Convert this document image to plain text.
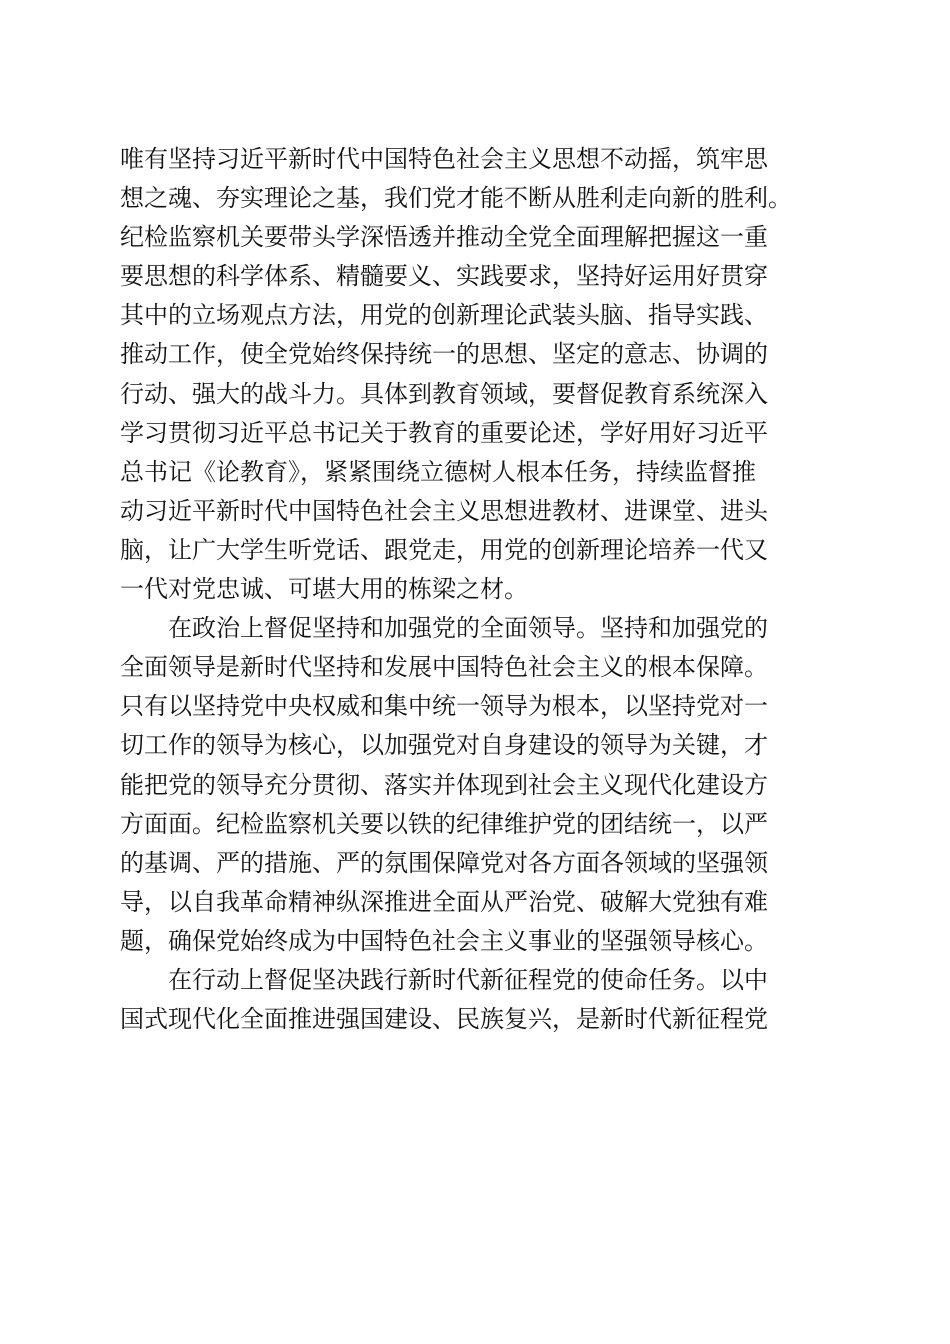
唯有坚持习近平新时代中国特色社会主义思想不动摇，筑牢思
想之魂、夯实理论之基，我们党才能不断从胜利走向新的胜利。
纪检监察机关要带头学深悟透并推动全党全面理解把握这一重
要思想的科学体系、精髓要义、实践要求，坚持好运用好贯穿
其中的立场观点方法，用党的创新理论武装头脑、指导实践、
推动工作，使全党始终保持统一的思想、坚定的意志、协调的
行动、强大的战斗力。具体到教育领域，要督促教育系统深入
学习贯彻习近平总书记关于教育的重要论述，学好用好习近平
总书记《论教育》，紧紧围绕立德树人根本任务，持续监督推
动习近平新时代中国特色社会主义思想进教材、进课堂、进头
脑，让广大学生听党话、跟党走，用党的创新理论培养一代又
一代对党忠诚、可堪大用的栋梁之材。
在政治上督促坚持和加强党的全面领导。坚持和加强党的
全面领导是新时代坚持和发展中国特色社会主义的根本保障。
只有以坚持党中央权威和集中统一领导为根本，以坚持党对一
切工作的领导为核心，以加强党对自身建设的领导为关键，才
能把党的领导充分贯彻、落实并体现到社会主义现代化建设方
方面面。纪检监察机关要以铁的纪律维护党的团结统一，以严
的基调、严的措施、严的氛围保障党对各方面各领域的坚强领
导，以自我革命精神纵深推进全面从严治党、破解大党独有难
题，确保党始终成为中国特色社会主义事业的坚强领导核心。
在行动上督促坚决践行新时代新征程党的使命任务。以中
国式现代化全面推进强国建设、民族复兴，是新时代新征程党
